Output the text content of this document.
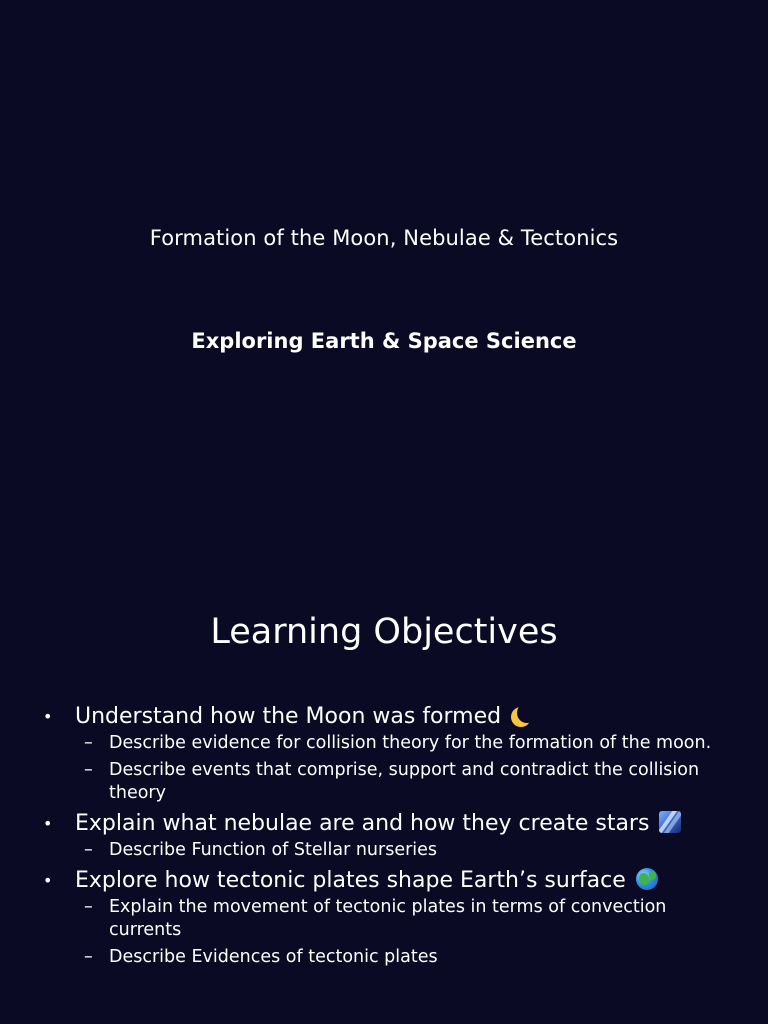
Formation of the Moon, Nebulae & Tectonics
Exploring Earth & Space Science
Learning Objectives
• Understand how the Moon was formed
– Describe evidence for collision theory for the formation of the moon.
– Describe events that comprise, support and contradict the collision theory
• Explain what nebulae are and how they create stars
– Describe Function of Stellar nurseries
• Explore how tectonic plates shape Earth’s surface
– Explain the movement of tectonic plates in terms of convection currents
– Describe Evidences of tectonic plates
